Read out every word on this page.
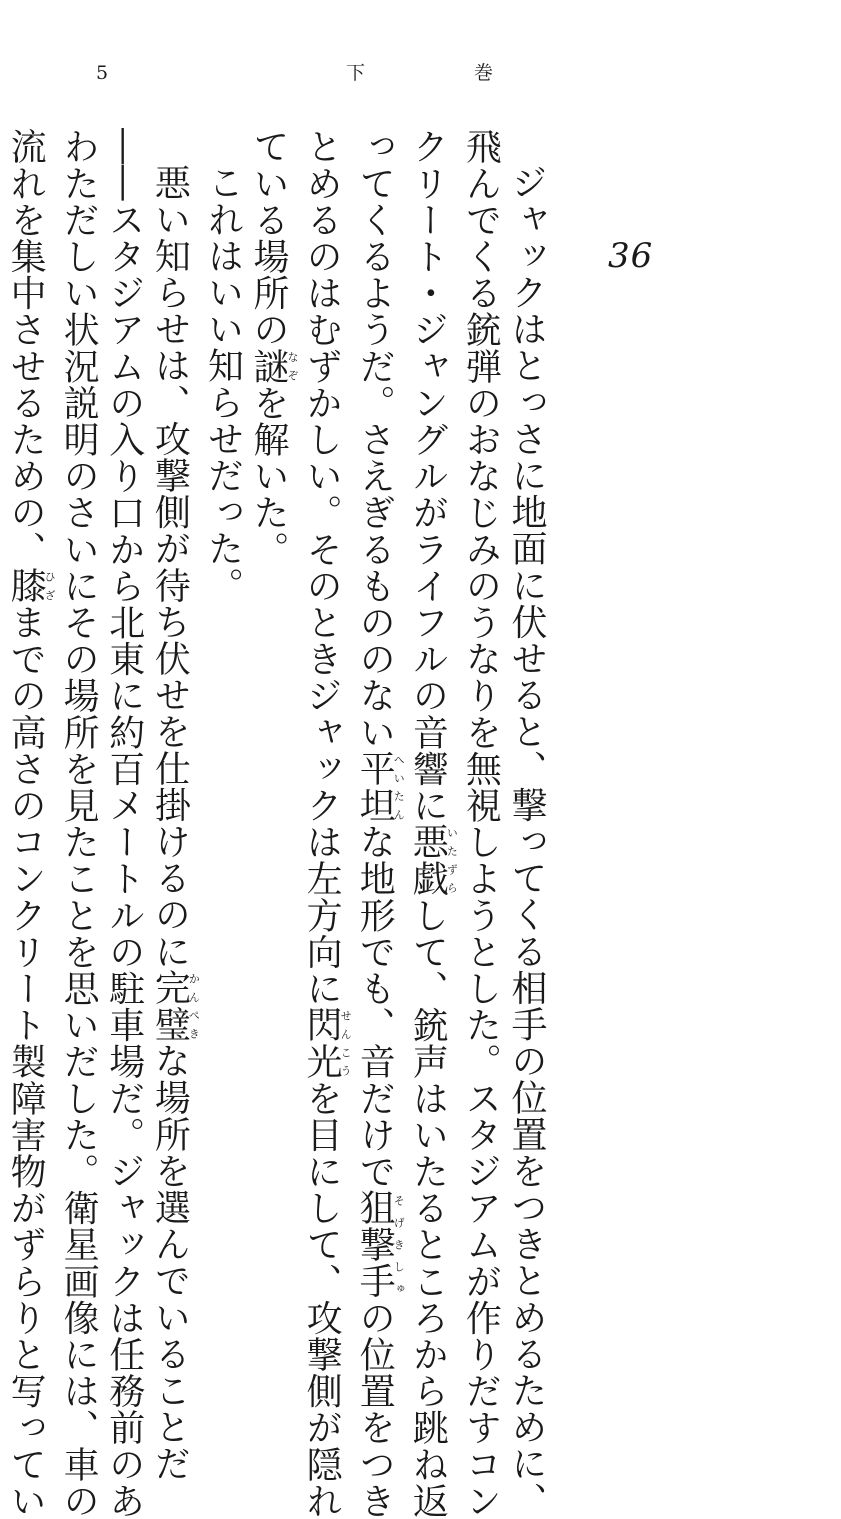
5	下	巻
36
ジャックはとっさに地面に伏せると、撃ってくる相手の位置をつきとめるために、
飛んでくる銃弾のおなじみのうなりを無視しようとした。スタジアムが作りだすコン
クリート・ジャングルがライフルの音響に悪戯いたずらして、銃声はいたるところから跳ね返
ってくるようだ。さえぎるもののない平坦へいたんな地形でも、音だけで狙撃手そげきしゅの位置をつき
とめるのはむずかしい。そのときジャックは左方向に閃光せんこうを目にして、攻撃側が隠れ
ている場所の謎なぞを解いた。
これはいい知らせだった。
悪い知らせは、攻撃側が待ち伏せを仕掛けるのに完璧かんぺきな場所を選んでいることだ
――スタジアムの入り口から北東に約百メートルの駐車場だ。ジャックは任務前のあ
わただしい状況説明のさいにその場所を見たことを思いだした。衛星画像には、車の
流れを集中させるための、膝ひざまでの高さのコンクリート製障害物がずらりと写ってい
